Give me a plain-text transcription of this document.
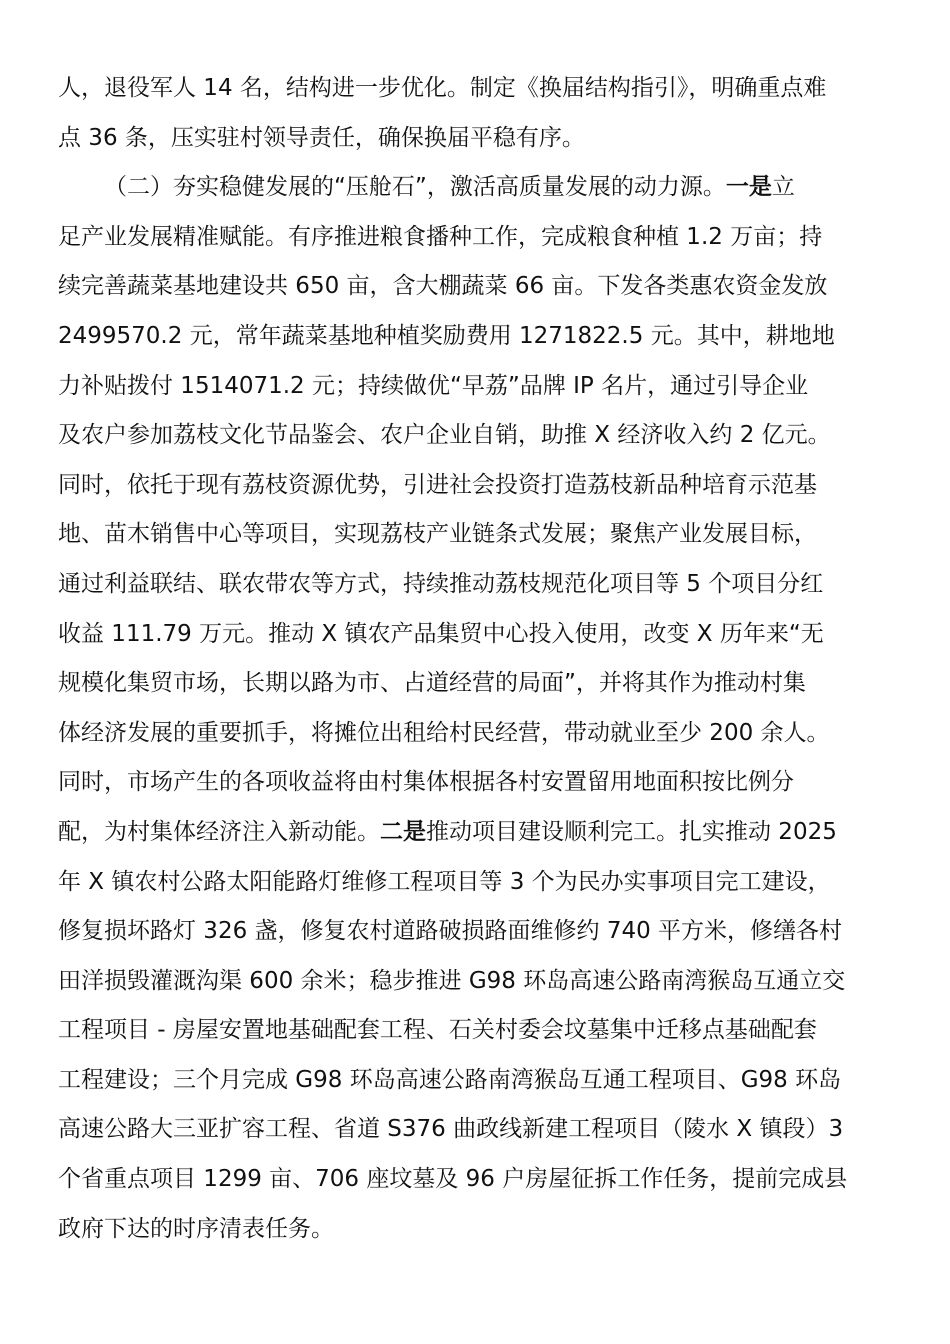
人，退役军人 14 名，结构进一步优化。制定《换届结构指引》，明确重点难
点 36 条，压实驻村领导责任，确保换届平稳有序。
（二）夯实稳健发展的“压舱石”，激活高质量发展的动力源。一是立
足产业发展精准赋能。有序推进粮食播种工作，完成粮食种植 1.2 万亩；持
续完善蔬菜基地建设共 650 亩，含大棚蔬菜 66 亩。下发各类惠农资金发放
2499570.2 元，常年蔬菜基地种植奖励费用 1271822.5 元。其中，耕地地
力补贴拨付 1514071.2 元；持续做优“早荔”品牌 IP 名片，通过引导企业
及农户参加荔枝文化节品鉴会、农户企业自销，助推 X 经济收入约 2 亿元。
同时，依托于现有荔枝资源优势，引进社会投资打造荔枝新品种培育示范基
地、苗木销售中心等项目，实现荔枝产业链条式发展；聚焦产业发展目标，
通过利益联结、联农带农等方式，持续推动荔枝规范化项目等 5 个项目分红
收益 111.79 万元。推动 X 镇农产品集贸中心投入使用，改变 X 历年来“无
规模化集贸市场，长期以路为市、占道经营的局面”，并将其作为推动村集
体经济发展的重要抓手，将摊位出租给村民经营，带动就业至少 200 余人。
同时，市场产生的各项收益将由村集体根据各村安置留用地面积按比例分
配，为村集体经济注入新动能。二是推动项目建设顺利完工。扎实推动 2025
年 X 镇农村公路太阳能路灯维修工程项目等 3 个为民办实事项目完工建设，
修复损坏路灯 326 盏，修复农村道路破损路面维修约 740 平方米，修缮各村
田洋损毁灌溉沟渠 600 余米；稳步推进 G98 环岛高速公路南湾猴岛互通立交
工程项目 - 房屋安置地基础配套工程、石关村委会坟墓集中迁移点基础配套
工程建设；三个月完成 G98 环岛高速公路南湾猴岛互通工程项目、G98 环岛
高速公路大三亚扩容工程、省道 S376 曲政线新建工程项目（陵水 X 镇段）3
个省重点项目 1299 亩、706 座坟墓及 96 户房屋征拆工作任务，提前完成县
政府下达的时序清表任务。
